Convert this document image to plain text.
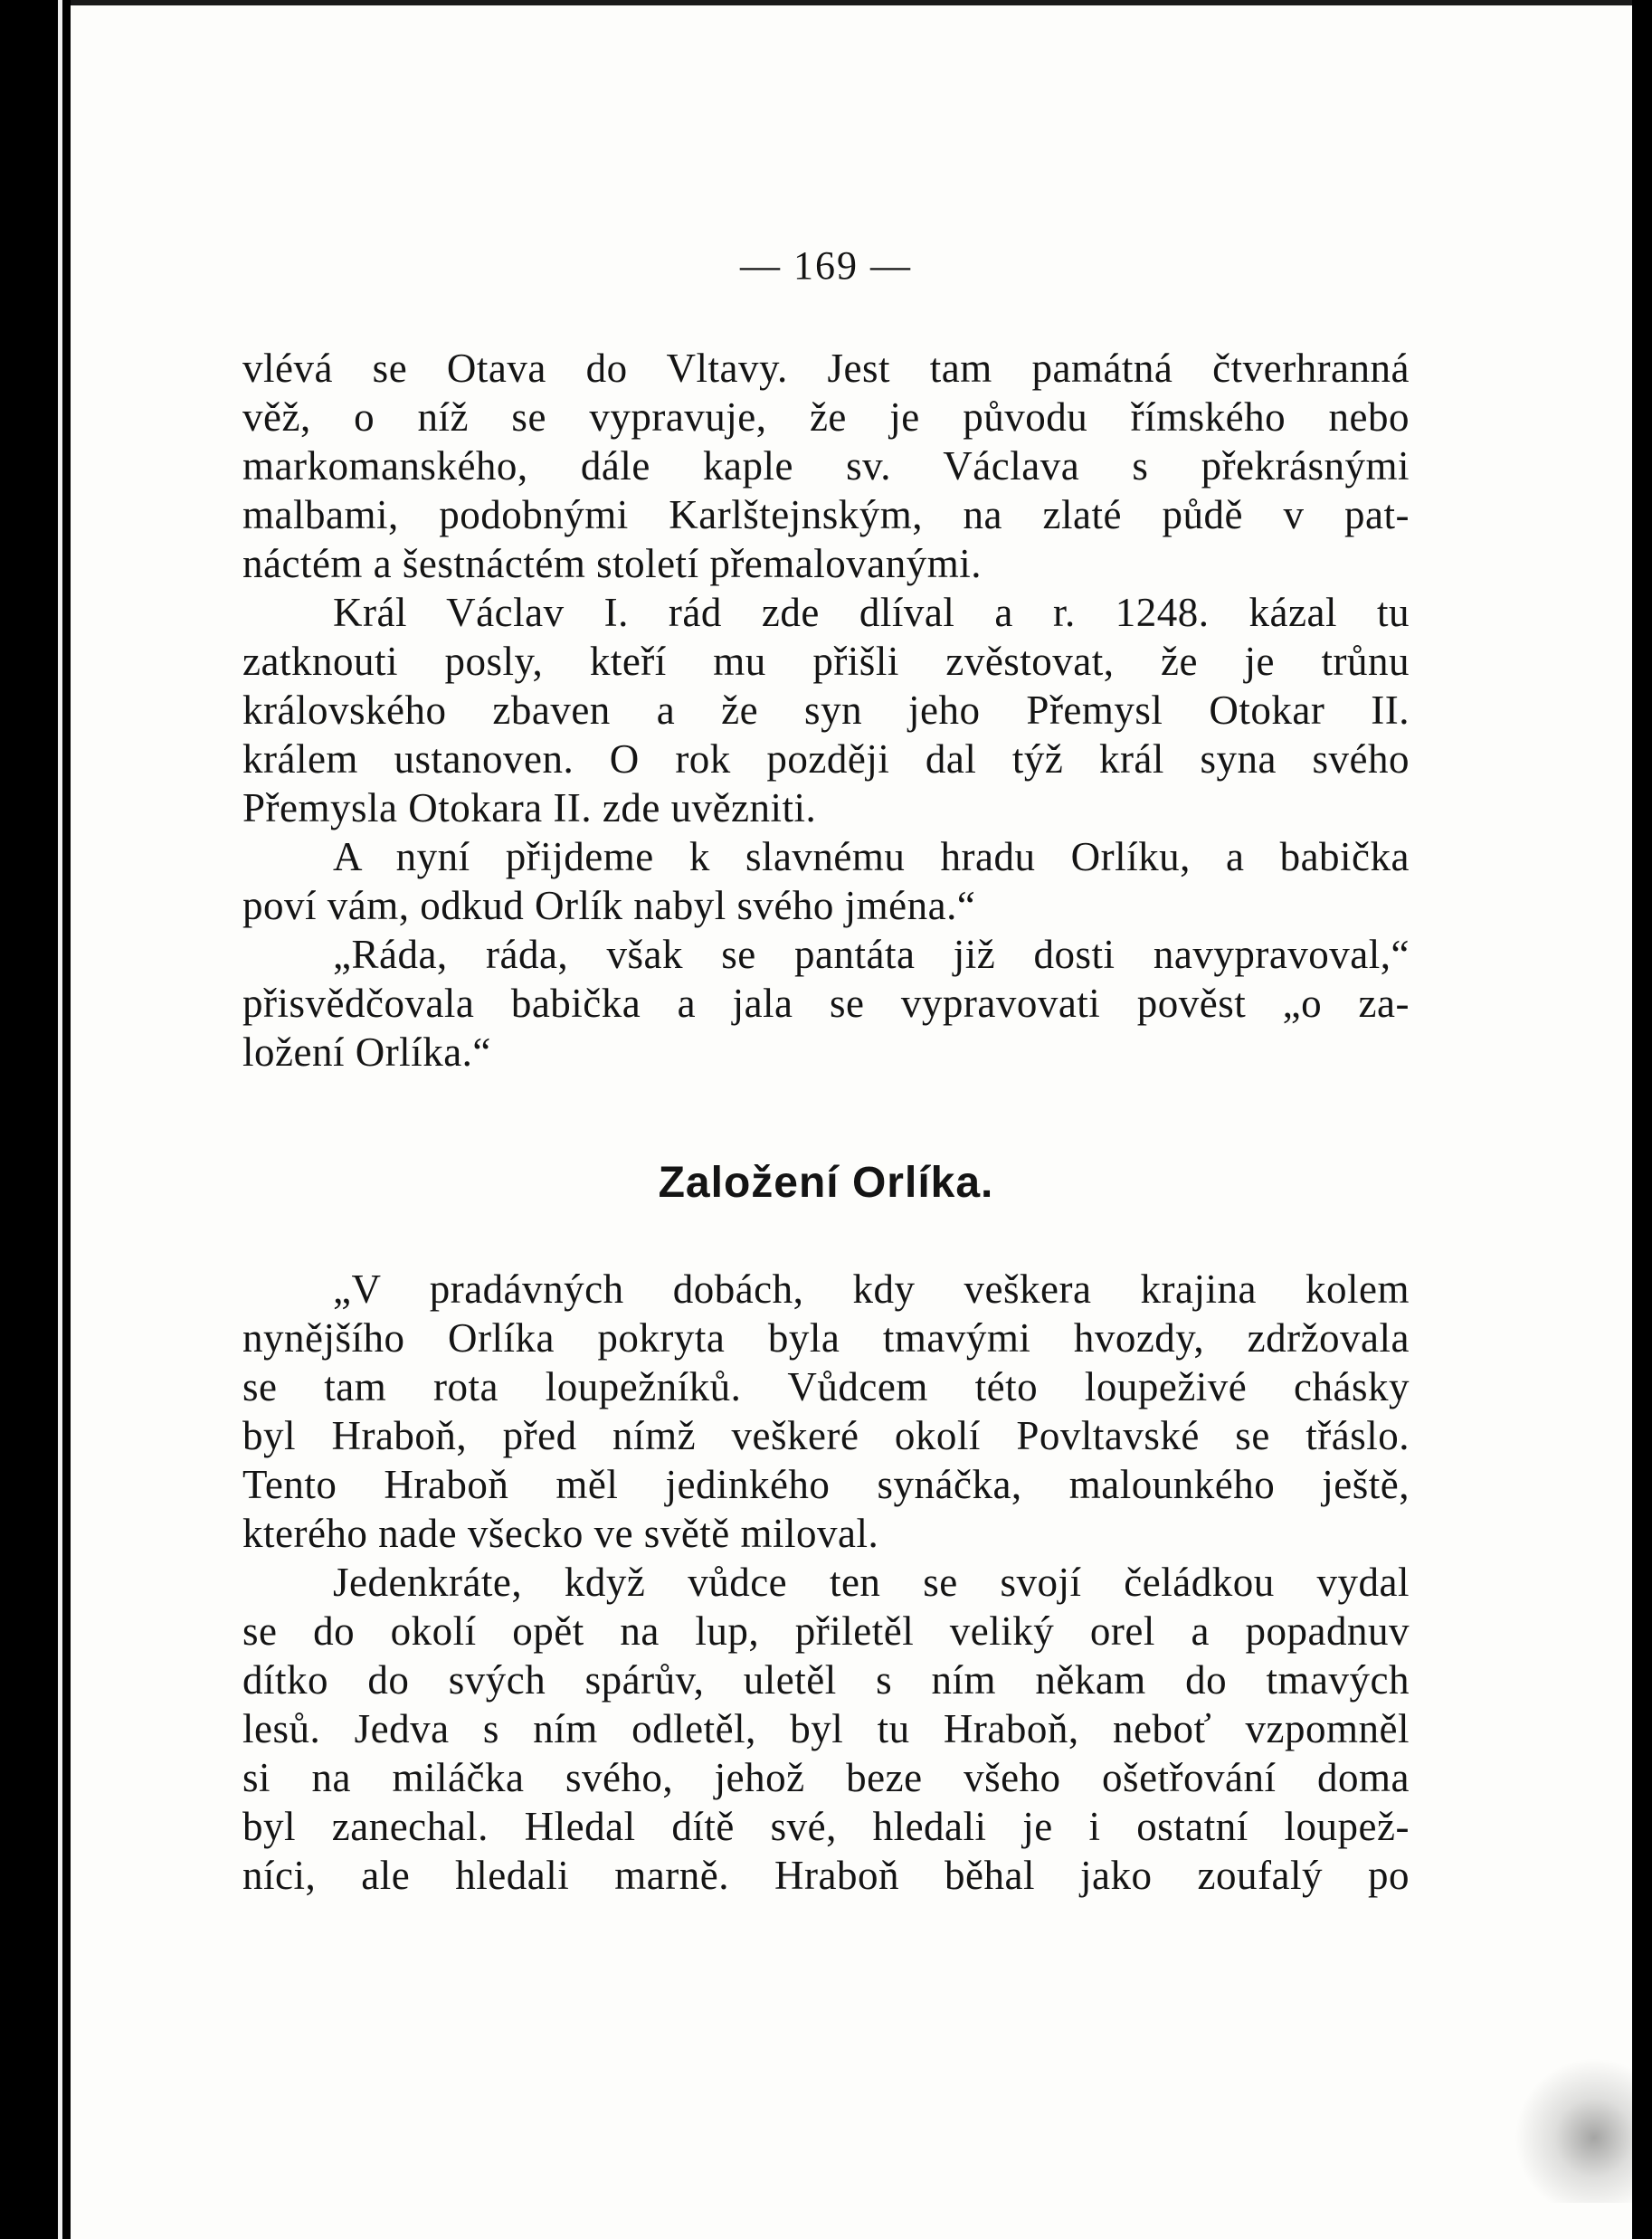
— 169 —
vlévá se Otava do Vltavy. Jest tam památná čtverhranná
věž, o níž se vypravuje, že je původu římského nebo
markomanského, dále kaple sv. Václava s překrásnými
malbami, podobnými Karlštejnským, na zlaté půdě v pat-
náctém a šestnáctém století přemalovanými.
Král Václav I. rád zde dlíval a r. 1248. kázal tu
zatknouti posly, kteří mu přišli zvěstovat, že je trůnu
královského zbaven a že syn jeho Přemysl Otokar II.
králem ustanoven. O rok později dal týž král syna svého
Přemysla Otokara II. zde uvězniti.
A nyní přijdeme k slavnému hradu Orlíku, a babička
poví vám, odkud Orlík nabyl svého jména.“
„Ráda, ráda, však se pantáta již dosti navypravoval,“
přisvědčovala babička a jala se vypravovati pověst „o za-
ložení Orlíka.“
Založení Orlíka.
„V pradávných dobách, kdy veškera krajina kolem
nynějšího Orlíka pokryta byla tmavými hvozdy, zdržovala
se tam rota loupežníků. Vůdcem této loupeživé chásky
byl Hraboň, před nímž veškeré okolí Povltavské se třáslo.
Tento Hraboň měl jedinkého synáčka, malounkého ještě,
kterého nade všecko ve světě miloval.
Jedenkráte, když vůdce ten se svojí čeládkou vydal
se do okolí opět na lup, přiletěl veliký orel a popadnuv
dítko do svých spárův, uletěl s ním někam do tmavých
lesů. Jedva s ním odletěl, byl tu Hraboň, neboť vzpomněl
si na miláčka svého, jehož beze všeho ošetřování doma
byl zanechal. Hledal dítě své, hledali je i ostatní loupež-
níci, ale hledali marně. Hraboň běhal jako zoufalý po
